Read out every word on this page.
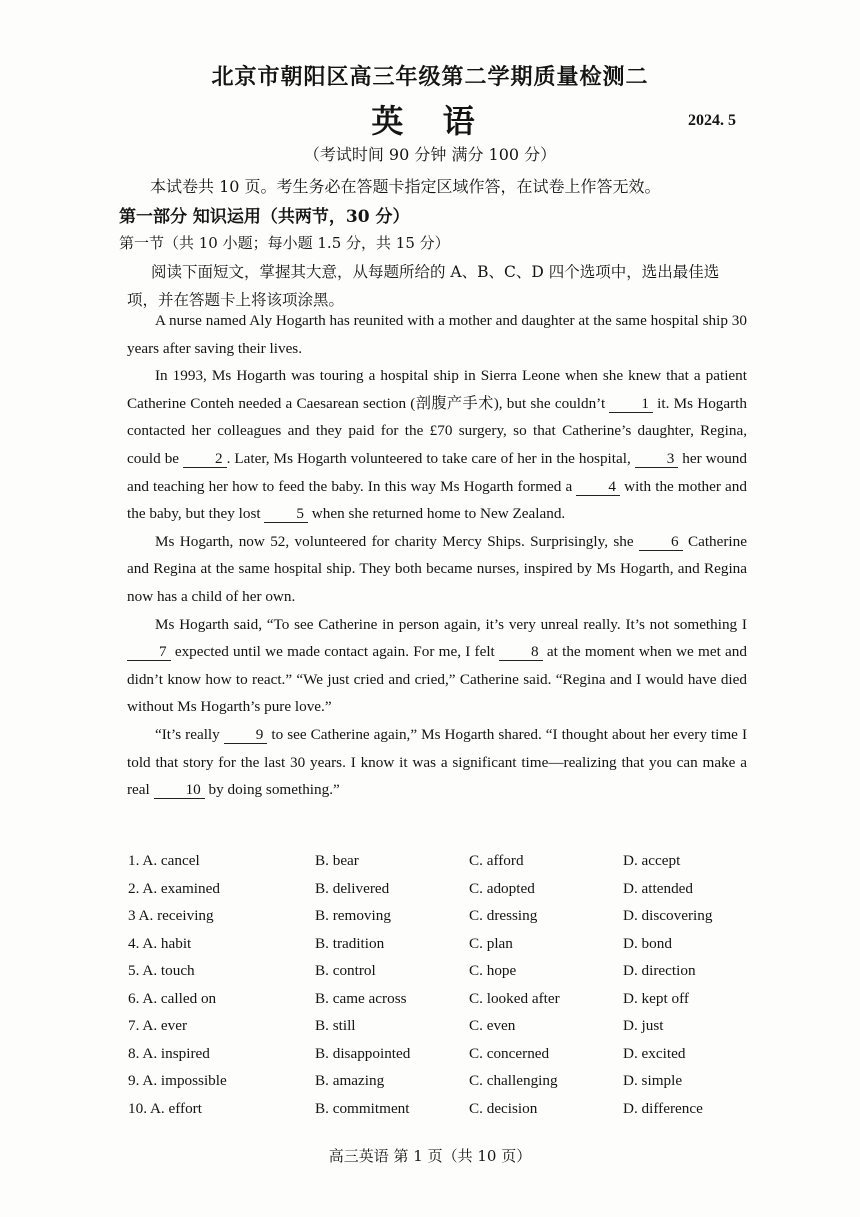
北京市朝阳区高三年级第二学期质量检测二
英 语	2024. 5
（考试时间 90 分钟 满分 100 分）
本试卷共 10 页。考生务必在答题卡指定区域作答，在试卷上作答无效。
第一部分 知识运用（共两节，30 分）
第一节（共 10 小题；每小题 1.5 分，共 15 分）
阅读下面短文，掌握其大意，从每题所给的 A、B、C、D 四个选项中，选出最佳选项，并在答题卡上将该项涂黑。

A nurse named Aly Hogarth has reunited with a mother and daughter at the same hospital ship 30 years after saving their lives.

In 1993, Ms Hogarth was touring a hospital ship in Sierra Leone when she knew that a patient Catherine Conteh needed a Caesarean section (剖腹产手术), but she couldn’t 1 it. Ms Hogarth contacted her colleagues and they paid for the £70 surgery, so that Catherine’s daughter, Regina, could be 2 . Later, Ms Hogarth volunteered to take care of her in the hospital, 3 her wound and teaching her how to feed the baby. In this way Ms Hogarth formed a 4 with the mother and the baby, but they lost 5 when she returned home to New Zealand.

Ms Hogarth, now 52, volunteered for charity Mercy Ships. Surprisingly, she 6 Catherine and Regina at the same hospital ship. They both became nurses, inspired by Ms Hogarth, and Regina now has a child of her own.

Ms Hogarth said, “To see Catherine in person again, it’s very unreal really. It’s not something I 7 expected until we made contact again. For me, I felt 8 at the moment when we met and didn’t know how to react.” “We just cried and cried,” Catherine said. “Regina and I would have died without Ms Hogarth’s pure love.”

“It’s really 9 to see Catherine again,” Ms Hogarth shared. “I thought about her every time I told that story for the last 30 years. I know it was a significant time—realizing that you can make a real 10 by doing something.”

1. A. cancel	B. bear	C. afford	D. accept
2. A. examined	B. delivered	C. adopted	D. attended
3 A. receiving	B. removing	C. dressing	D. discovering
4. A. habit	B. tradition	C. plan	D. bond
5. A. touch	B. control	C. hope	D. direction
6. A. called on	B. came across	C. looked after	D. kept off
7. A. ever	B. still	C. even	D. just
8. A. inspired	B. disappointed	C. concerned	D. excited
9. A. impossible	B. amazing	C. challenging	D. simple
10. A. effort	B. commitment	C. decision	D. difference
高三英语 第 1 页（共 10 页）
